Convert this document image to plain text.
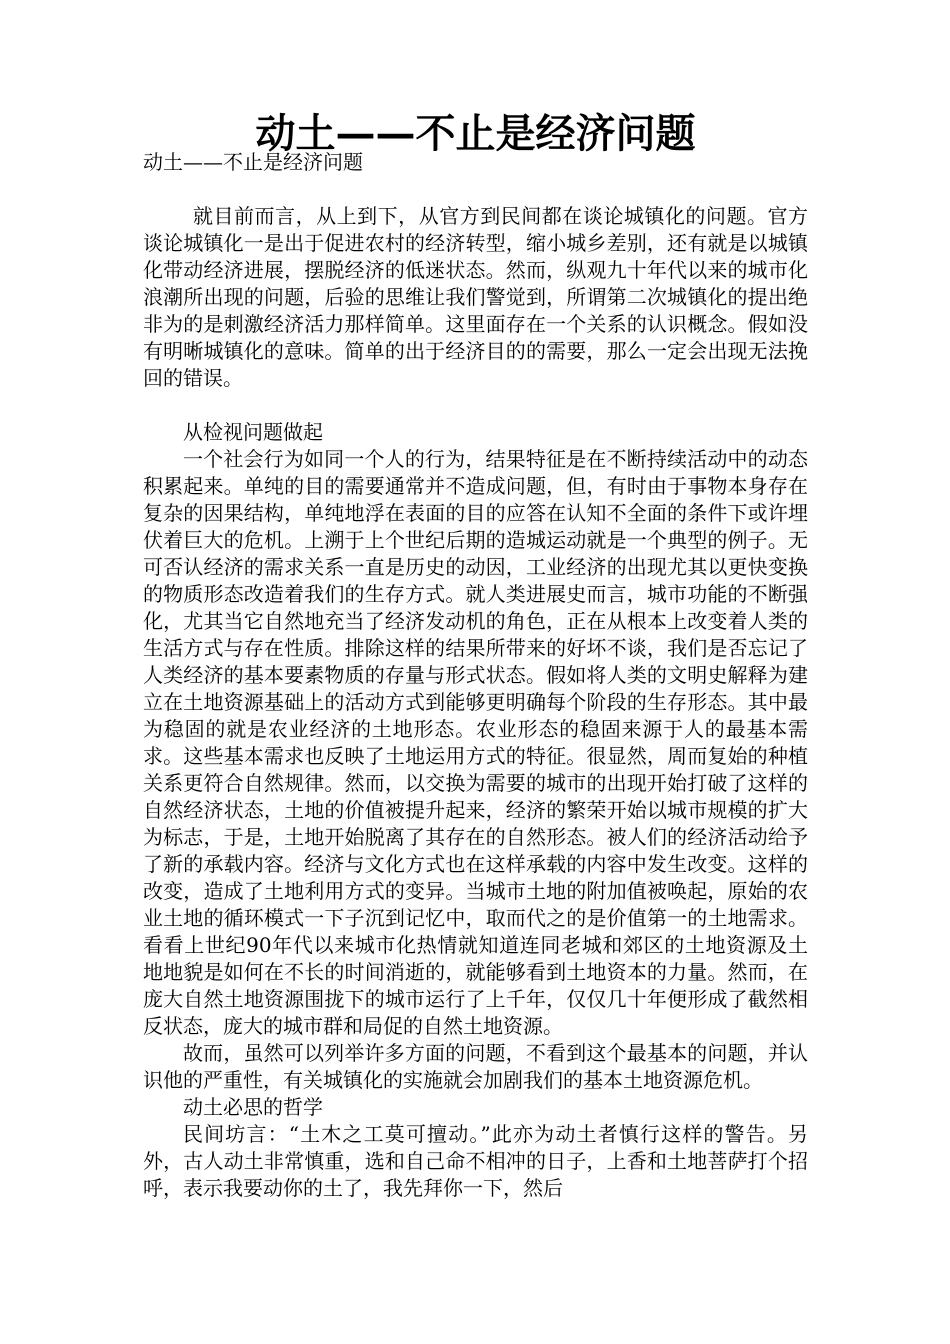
动土——不止是经济问题

动土——不止是经济问题

就目前而言，从上到下，从官方到民间都在谈论城镇化的问题。官方谈论城镇化一是出于促进农村的经济转型，缩小城乡差别，还有就是以城镇化带动经济进展，摆脱经济的低迷状态。然而，纵观九十年代以来的城市化浪潮所出现的问题，后验的思维让我们警觉到，所谓第二次城镇化的提出绝非为的是刺激经济活力那样简单。这里面存在一个关系的认识概念。假如没有明晰城镇化的意味。简单的出于经济目的的需要，那么一定会出现无法挽回的错误。

从检视问题做起

一个社会行为如同一个人的行为，结果特征是在不断持续活动中的动态积累起来。单纯的目的需要通常并不造成问题，但，有时由于事物本身存在复杂的因果结构，单纯地浮在表面的目的应答在认知不全面的条件下或许埋伏着巨大的危机。上溯于上个世纪后期的造城运动就是一个典型的例子。无可否认经济的需求关系一直是历史的动因，工业经济的出现尤其以更快变换的物质形态改造着我们的生存方式。就人类进展史而言，城市功能的不断强化，尤其当它自然地充当了经济发动机的角色，正在从根本上改变着人类的生活方式与存在性质。排除这样的结果所带来的好坏不谈，我们是否忘记了人类经济的基本要素物质的存量与形式状态。假如将人类的文明史解释为建立在土地资源基础上的活动方式到能够更明确每个阶段的生存形态。其中最为稳固的就是农业经济的土地形态。农业形态的稳固来源于人的最基本需求。这些基本需求也反映了土地运用方式的特征。很显然，周而复始的种植关系更符合自然规律。然而，以交换为需要的城市的出现开始打破了这样的自然经济状态，土地的价值被提升起来，经济的繁荣开始以城市规模的扩大为标志，于是，土地开始脱离了其存在的自然形态。被人们的经济活动给予了新的承载内容。经济与文化方式也在这样承载的内容中发生改变。这样的改变，造成了土地利用方式的变异。当城市土地的附加值被唤起，原始的农业土地的循环模式一下子沉到记忆中，取而代之的是价值第一的土地需求。看看上世纪90年代以来城市化热情就知道连同老城和郊区的土地资源及土地地貌是如何在不长的时间消逝的，就能够看到土地资本的力量。然而，在庞大自然土地资源围拢下的城市运行了上千年，仅仅几十年便形成了截然相反状态，庞大的城市群和局促的自然土地资源。

故而，虽然可以列举许多方面的问题，不看到这个最基本的问题，并认识他的严重性，有关城镇化的实施就会加剧我们的基本土地资源危机。

动土必思的哲学

民间坊言：“土木之工莫可擅动。”此亦为动土者慎行这样的警告。另外，古人动土非常慎重，选和自己命不相冲的日子，上香和土地菩萨打个招呼，表示我要动你的土了，我先拜你一下，然后
